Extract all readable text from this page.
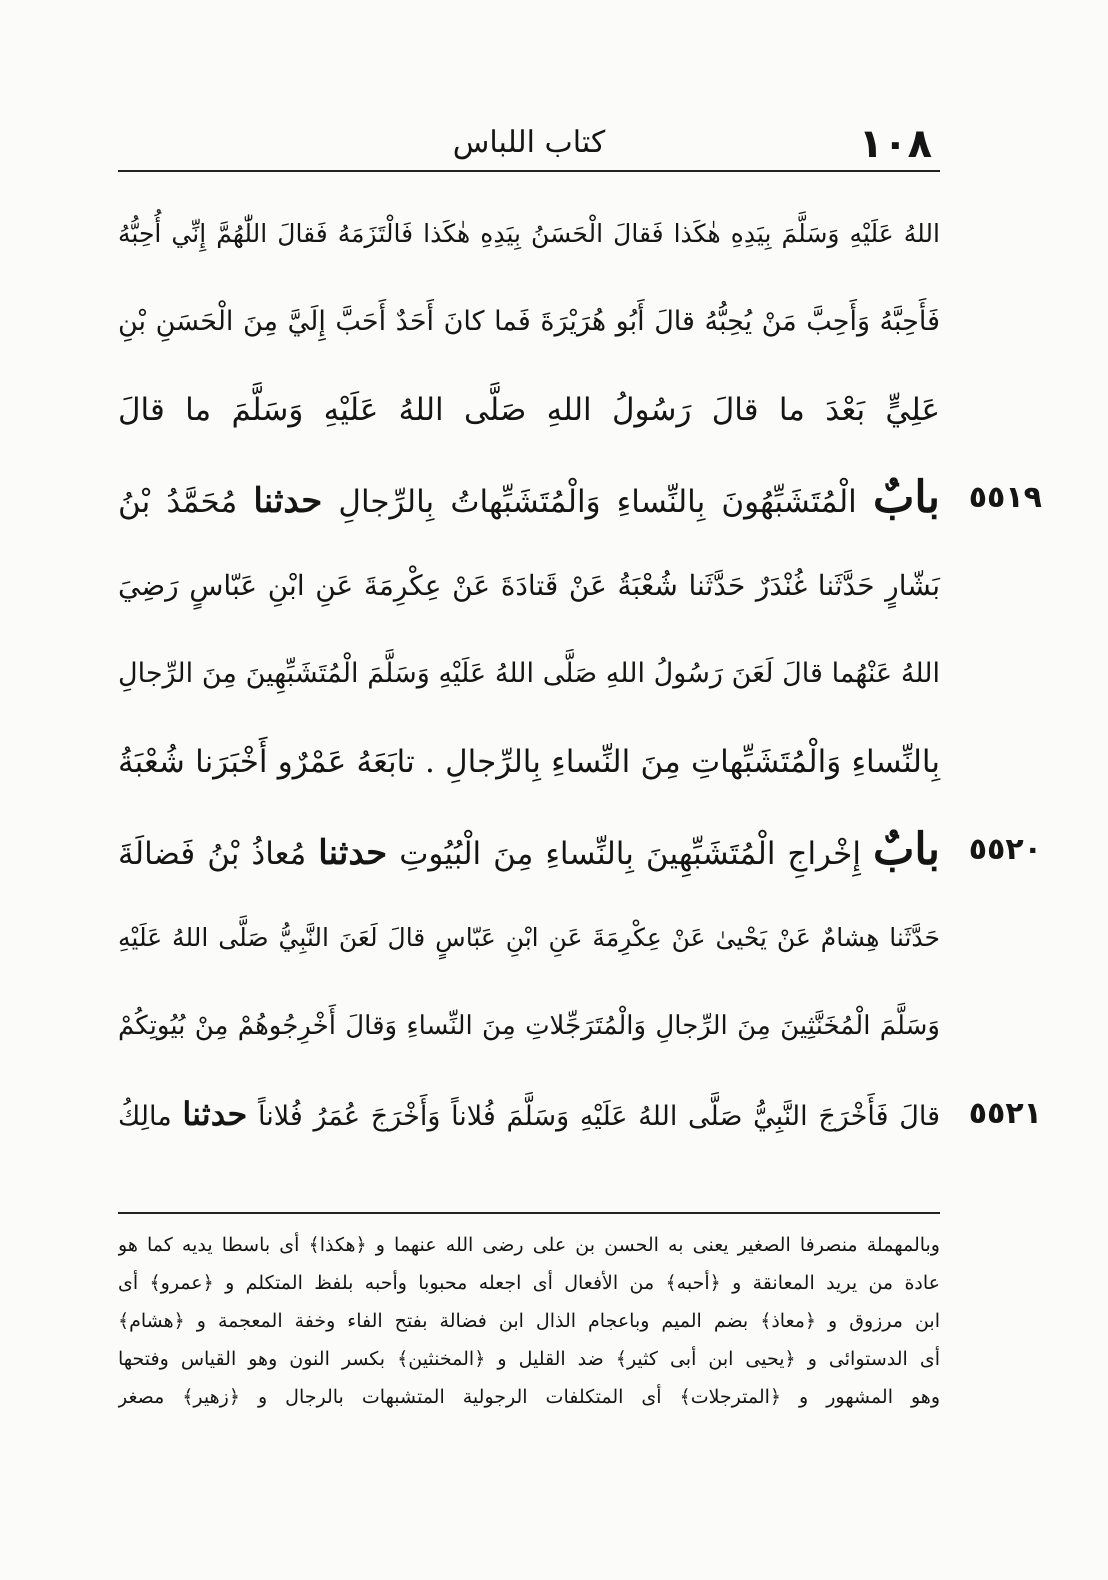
١٠٨
كتاب اللباس
اللهُ عَلَيْهِ وَسَلَّمَ بِيَدِهِ هٰكَذا فَقالَ الْحَسَنُ بِيَدِهِ هٰكَذا فَالْتَزَمَهُ فَقالَ اللّٰهُمَّ إِنِّي أُحِبُّهُ
فَأَحِبَّهُ وَأَحِبَّ مَنْ يُحِبُّهُ قالَ أَبُو هُرَيْرَةَ فَما كانَ أَحَدٌ أَحَبَّ إِلَيَّ مِنَ الْحَسَنِ بْنِ
عَلِيٍّ بَعْدَ ما قالَ رَسُولُ اللهِ صَلَّى اللهُ عَلَيْهِ وَسَلَّمَ ما قالَ
٥٥١٩
بابٌ الْمُتَشَبِّهُونَ بِالنِّساءِ وَالْمُتَشَبِّهاتُ بِالرِّجالِ حدثنا مُحَمَّدُ بْنُ
بَشّارٍ حَدَّثَنا غُنْدَرٌ حَدَّثَنا شُعْبَةُ عَنْ قَتادَةَ عَنْ عِكْرِمَةَ عَنِ ابْنِ عَبّاسٍ رَضِيَ
اللهُ عَنْهُما قالَ لَعَنَ رَسُولُ اللهِ صَلَّى اللهُ عَلَيْهِ وَسَلَّمَ الْمُتَشَبِّهِينَ مِنَ الرِّجالِ
بِالنِّساءِ وَالْمُتَشَبِّهاتِ مِنَ النِّساءِ بِالرِّجالِ . تابَعَهُ عَمْرٌو أَخْبَرَنا شُعْبَةُ
٥٥٢٠
بابٌ إِخْراجِ الْمُتَشَبِّهِينَ بِالنِّساءِ مِنَ الْبُيُوتِ حدثنا مُعاذُ بْنُ فَضالَةَ
حَدَّثَنا هِشامٌ عَنْ يَحْيىٰ عَنْ عِكْرِمَةَ عَنِ ابْنِ عَبّاسٍ قالَ لَعَنَ النَّبِيُّ صَلَّى اللهُ عَلَيْهِ
وَسَلَّمَ الْمُخَنَّثِينَ مِنَ الرِّجالِ وَالْمُتَرَجِّلاتِ مِنَ النِّساءِ وَقالَ أَخْرِجُوهُمْ مِنْ بُيُوتِكُمْ
٥٥٢١
قالَ فَأَخْرَجَ النَّبِيُّ صَلَّى اللهُ عَلَيْهِ وَسَلَّمَ فُلاناً وَأَخْرَجَ عُمَرُ فُلاناً حدثنا مالِكُ
وبالمهملة منصرفا الصغير يعنى به الحسن بن على رضى الله عنهما و ﴿هكذا﴾ أى باسطا يديه كما هو
عادة من يريد المعانقة و ﴿أحبه﴾ من الأفعال أى اجعله محبوبا وأحبه بلفظ المتكلم و ﴿عمرو﴾ أى
ابن مرزوق و ﴿معاذ﴾ بضم الميم وباعجام الذال ابن فضالة بفتح الفاء وخفة المعجمة و ﴿هشام﴾
أى الدستوائى و ﴿يحيى ابن أبى كثير﴾ ضد القليل و ﴿المخنثين﴾ بكسر النون وهو القياس وفتحها
وهو المشهور و ﴿المترجلات﴾ أى المتكلفات الرجولية المتشبهات بالرجال و ﴿زهير﴾ مصغر
